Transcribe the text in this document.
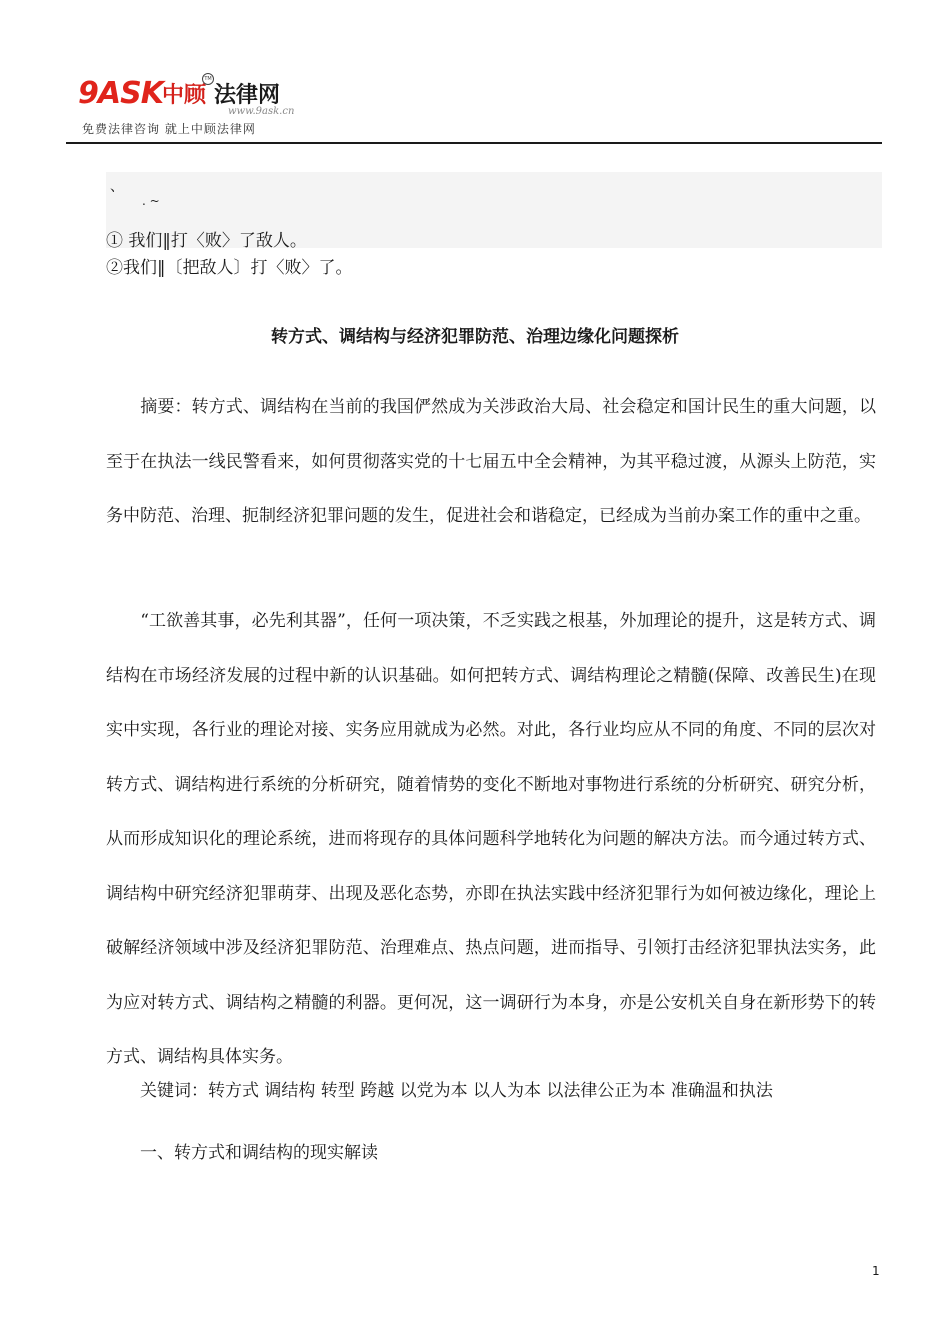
9ASK 中顾
TM
法律网
www.9ask.cn
免费法律咨询 就上中顾法律网
、
. ~
① 我们‖打〈败〉了敌人。
②我们‖〔把敌人〕打〈败〉了。
转方式、调结构与经济犯罪防范、治理边缘化问题探析
　　摘要：转方式、调结构在当前的我国俨然成为关涉政治大局、社会稳定和国计民生的重大问题，以至于在执法一线民警看来，如何贯彻落实党的十七届五中全会精神，为其平稳过渡，从源头上防范，实务中防范、治理、扼制经济犯罪问题的发生，促进社会和谐稳定，已经成为当前办案工作的重中之重。
　　“工欲善其事，必先利其器”，任何一项决策，不乏实践之根基，外加理论的提升，这是转方式、调结构在市场经济发展的过程中新的认识基础。如何把转方式、调结构理论之精髓(保障、改善民生)在现实中实现，各行业的理论对接、实务应用就成为必然。对此，各行业均应从不同的角度、不同的层次对转方式、调结构进行系统的分析研究，随着情势的变化不断地对事物进行系统的分析研究、研究分析，从而形成知识化的理论系统，进而将现存的具体问题科学地转化为问题的解决方法。而今通过转方式、调结构中研究经济犯罪萌芽、出现及恶化态势，亦即在执法实践中经济犯罪行为如何被边缘化，理论上破解经济领域中涉及经济犯罪防范、治理难点、热点问题，进而指导、引领打击经济犯罪执法实务，此为应对转方式、调结构之精髓的利器。更何况，这一调研行为本身，亦是公安机关自身在新形势下的转方式、调结构具体实务。
　　关键词：转方式 调结构 转型 跨越 以党为本 以人为本 以法律公正为本 准确温和执法
　　一、转方式和调结构的现实解读
1
